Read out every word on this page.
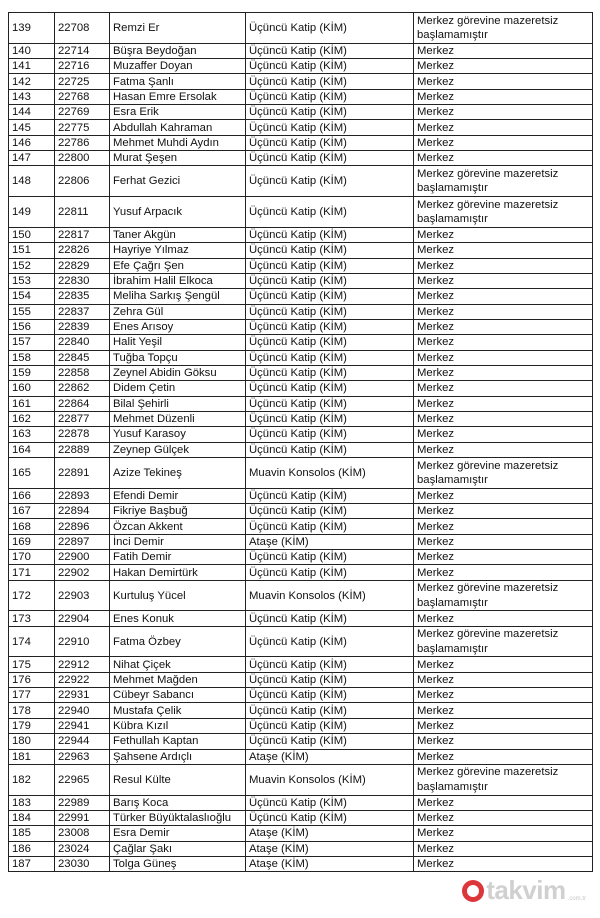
139	22708	Remzi Er	Üçüncü Katip (KİM)	Merkez görevine mazeretsiz başlamamıştır
140	22714	Büşra Beydoğan	Üçüncü Katip (KİM)	Merkez
141	22716	Muzaffer Doyan	Üçüncü Katip (KİM)	Merkez
142	22725	Fatma Şanlı	Üçüncü Katip (KİM)	Merkez
143	22768	Hasan Emre Ersolak	Üçüncü Katip (KİM)	Merkez
144	22769	Esra Erik	Üçüncü Katip (KİM)	Merkez
145	22775	Abdullah Kahraman	Üçüncü Katip (KİM)	Merkez
146	22786	Mehmet Muhdi Aydın	Üçüncü Katip (KİM)	Merkez
147	22800	Murat Şeşen	Üçüncü Katip (KİM)	Merkez
148	22806	Ferhat Gezici	Üçüncü Katip (KİM)	Merkez görevine mazeretsiz başlamamıştır
149	22811	Yusuf Arpacık	Üçüncü Katip (KİM)	Merkez görevine mazeretsiz başlamamıştır
150	22817	Taner Akgün	Üçüncü Katip (KİM)	Merkez
151	22826	Hayriye Yılmaz	Üçüncü Katip (KİM)	Merkez
152	22829	Efe Çağrı Şen	Üçüncü Katip (KİM)	Merkez
153	22830	İbrahim Halil Elkoca	Üçüncü Katip (KİM)	Merkez
154	22835	Meliha Sarkış Şengül	Üçüncü Katip (KİM)	Merkez
155	22837	Zehra Gül	Üçüncü Katip (KİM)	Merkez
156	22839	Enes Arısoy	Üçüncü Katip (KİM)	Merkez
157	22840	Halit Yeşil	Üçüncü Katip (KİM)	Merkez
158	22845	Tuğba Topçu	Üçüncü Katip (KİM)	Merkez
159	22858	Zeynel Abidin Göksu	Üçüncü Katip (KİM)	Merkez
160	22862	Didem Çetin	Üçüncü Katip (KİM)	Merkez
161	22864	Bilal Şehirli	Üçüncü Katip (KİM)	Merkez
162	22877	Mehmet Düzenli	Üçüncü Katip (KİM)	Merkez
163	22878	Yusuf Karasoy	Üçüncü Katip (KİM)	Merkez
164	22889	Zeynep Gülçek	Üçüncü Katip (KİM)	Merkez
165	22891	Azize Tekineş	Muavin Konsolos (KİM)	Merkez görevine mazeretsiz başlamamıştır
166	22893	Efendi Demir	Üçüncü Katip (KİM)	Merkez
167	22894	Fikriye Başbuğ	Üçüncü Katip (KİM)	Merkez
168	22896	Özcan Akkent	Üçüncü Katip (KİM)	Merkez
169	22897	İnci Demir	Ataşe (KİM)	Merkez
170	22900	Fatih Demir	Üçüncü Katip (KİM)	Merkez
171	22902	Hakan Demirtürk	Üçüncü Katip (KİM)	Merkez
172	22903	Kurtuluş Yücel	Muavin Konsolos (KİM)	Merkez görevine mazeretsiz başlamamıştır
173	22904	Enes Konuk	Üçüncü Katip (KİM)	Merkez
174	22910	Fatma Özbey	Üçüncü Katip (KİM)	Merkez görevine mazeretsiz başlamamıştır
175	22912	Nihat Çiçek	Üçüncü Katip (KİM)	Merkez
176	22922	Mehmet Mağden	Üçüncü Katip (KİM)	Merkez
177	22931	Cübeyr Sabancı	Üçüncü Katip (KİM)	Merkez
178	22940	Mustafa Çelik	Üçüncü Katip (KİM)	Merkez
179	22941	Kübra Kızıl	Üçüncü Katip (KİM)	Merkez
180	22944	Fethullah Kaptan	Üçüncü Katip (KİM)	Merkez
181	22963	Şahsene Ardıçlı	Ataşe (KİM)	Merkez
182	22965	Resul Külte	Muavin Konsolos (KİM)	Merkez görevine mazeretsiz başlamamıştır
183	22989	Barış Koca	Üçüncü Katip (KİM)	Merkez
184	22991	Türker Büyüktalaslıoğlu	Üçüncü Katip (KİM)	Merkez
185	23008	Esra Demir	Ataşe (KİM)	Merkez
186	23024	Çağlar Şakı	Ataşe (KİM)	Merkez
187	23030	Tolga Güneş	Ataşe (KİM)	Merkez
takvim .com.tr
